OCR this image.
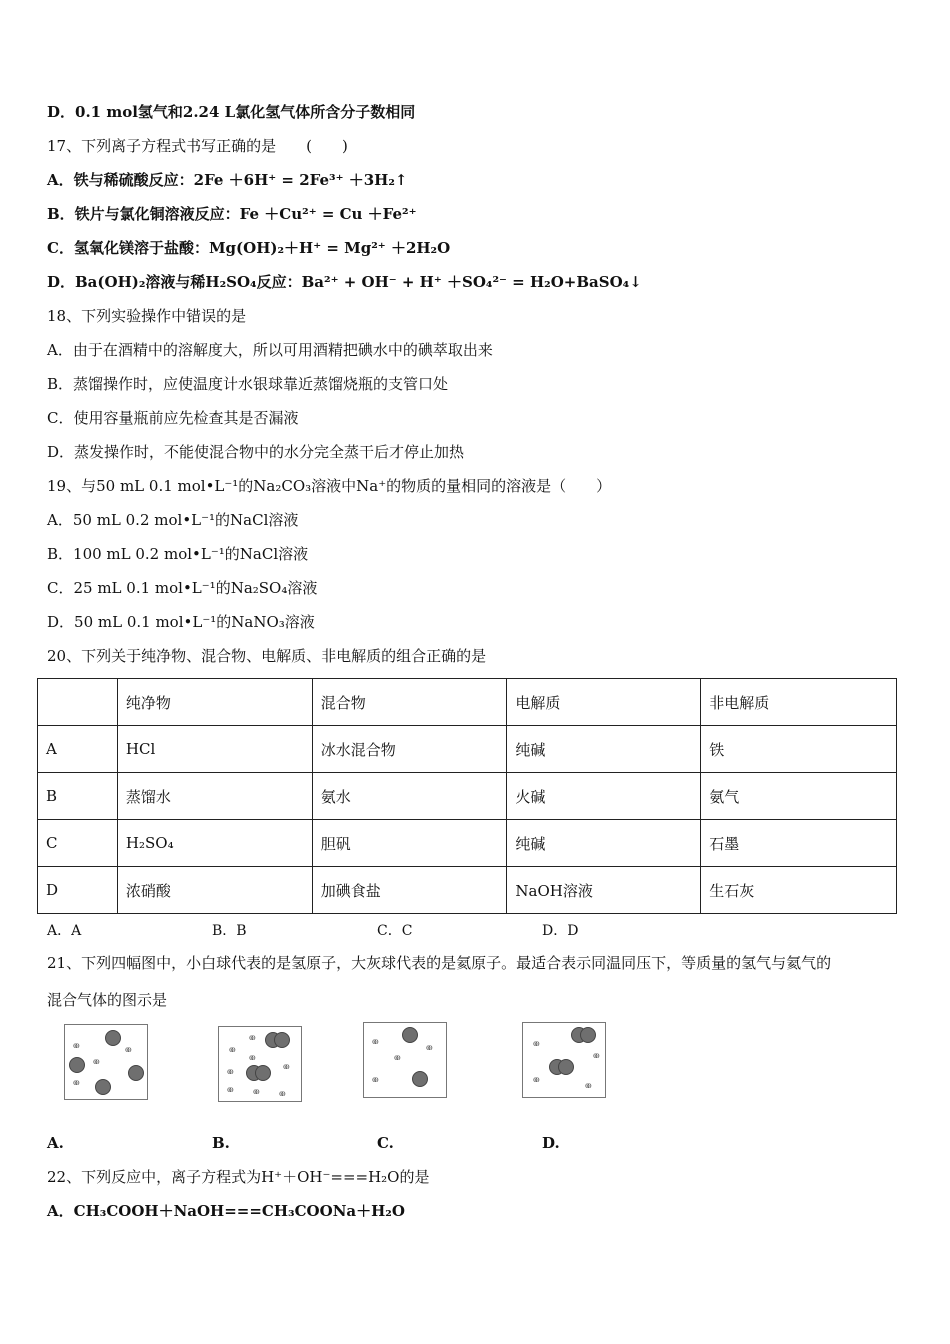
D．0.1 mol氢气和2.24 L氯化氢气体所含分子数相同
17、下列离子方程式书写正确的是　　(　　)
A．铁与稀硫酸反应：2Fe ＋6H⁺ = 2Fe³⁺ ＋3H₂↑
B．铁片与氯化铜溶液反应：Fe ＋Cu²⁺ = Cu ＋Fe²⁺
C．氢氧化镁溶于盐酸：Mg(OH)₂＋H⁺ = Mg²⁺ ＋2H₂O
D．Ba(OH)₂溶液与稀H₂SO₄反应：Ba²⁺ + OH⁻ + H⁺ ＋SO₄²⁻ = H₂O+BaSO₄↓
18、下列实验操作中错误的是
A．由于在酒精中的溶解度大，所以可用酒精把碘水中的碘萃取出来
B．蒸馏操作时，应使温度计水银球靠近蒸馏烧瓶的支管口处
C．使用容量瓶前应先检查其是否漏液
D．蒸发操作时，不能使混合物中的水分完全蒸干后才停止加热
19、与50 mL 0.1 mol•L⁻¹的Na₂CO₃溶液中Na⁺的物质的量相同的溶液是（　　）
A．50 mL 0.2 mol•L⁻¹的NaCl溶液
B．100 mL 0.2 mol•L⁻¹的NaCl溶液
C．25 mL 0.1 mol•L⁻¹的Na₂SO₄溶液
D．50 mL 0.1 mol•L⁻¹的NaNO₃溶液
20、下列关于纯净物、混合物、电解质、非电解质的组合正确的是
	纯净物	混合物	电解质	非电解质
A	HCl	冰水混合物	纯碱	铁
B	蒸馏水	氨水	火碱	氨气
C	H₂SO₄	胆矾	纯碱	石墨
D	浓硝酸	加碘食盐	NaOH溶液	生石灰
A．A	B．B	C．C	D．D
21、下列四幅图中，小白球代表的是氢原子，大灰球代表的是氦原子。最适合表示同温同压下，等质量的氢气与氦气的
混合气体的图示是
oo	oo
oo
oo
oo
oo
oo
oo
oo
oo	oo	oo
oo
oo
oo
oo
oo
oo
oo
oo
A.	B.	C.	D.
22、下列反应中，离子方程式为H⁺＋OH⁻===H₂O的是
A．CH₃COOH＋NaOH===CH₃COONa＋H₂O
